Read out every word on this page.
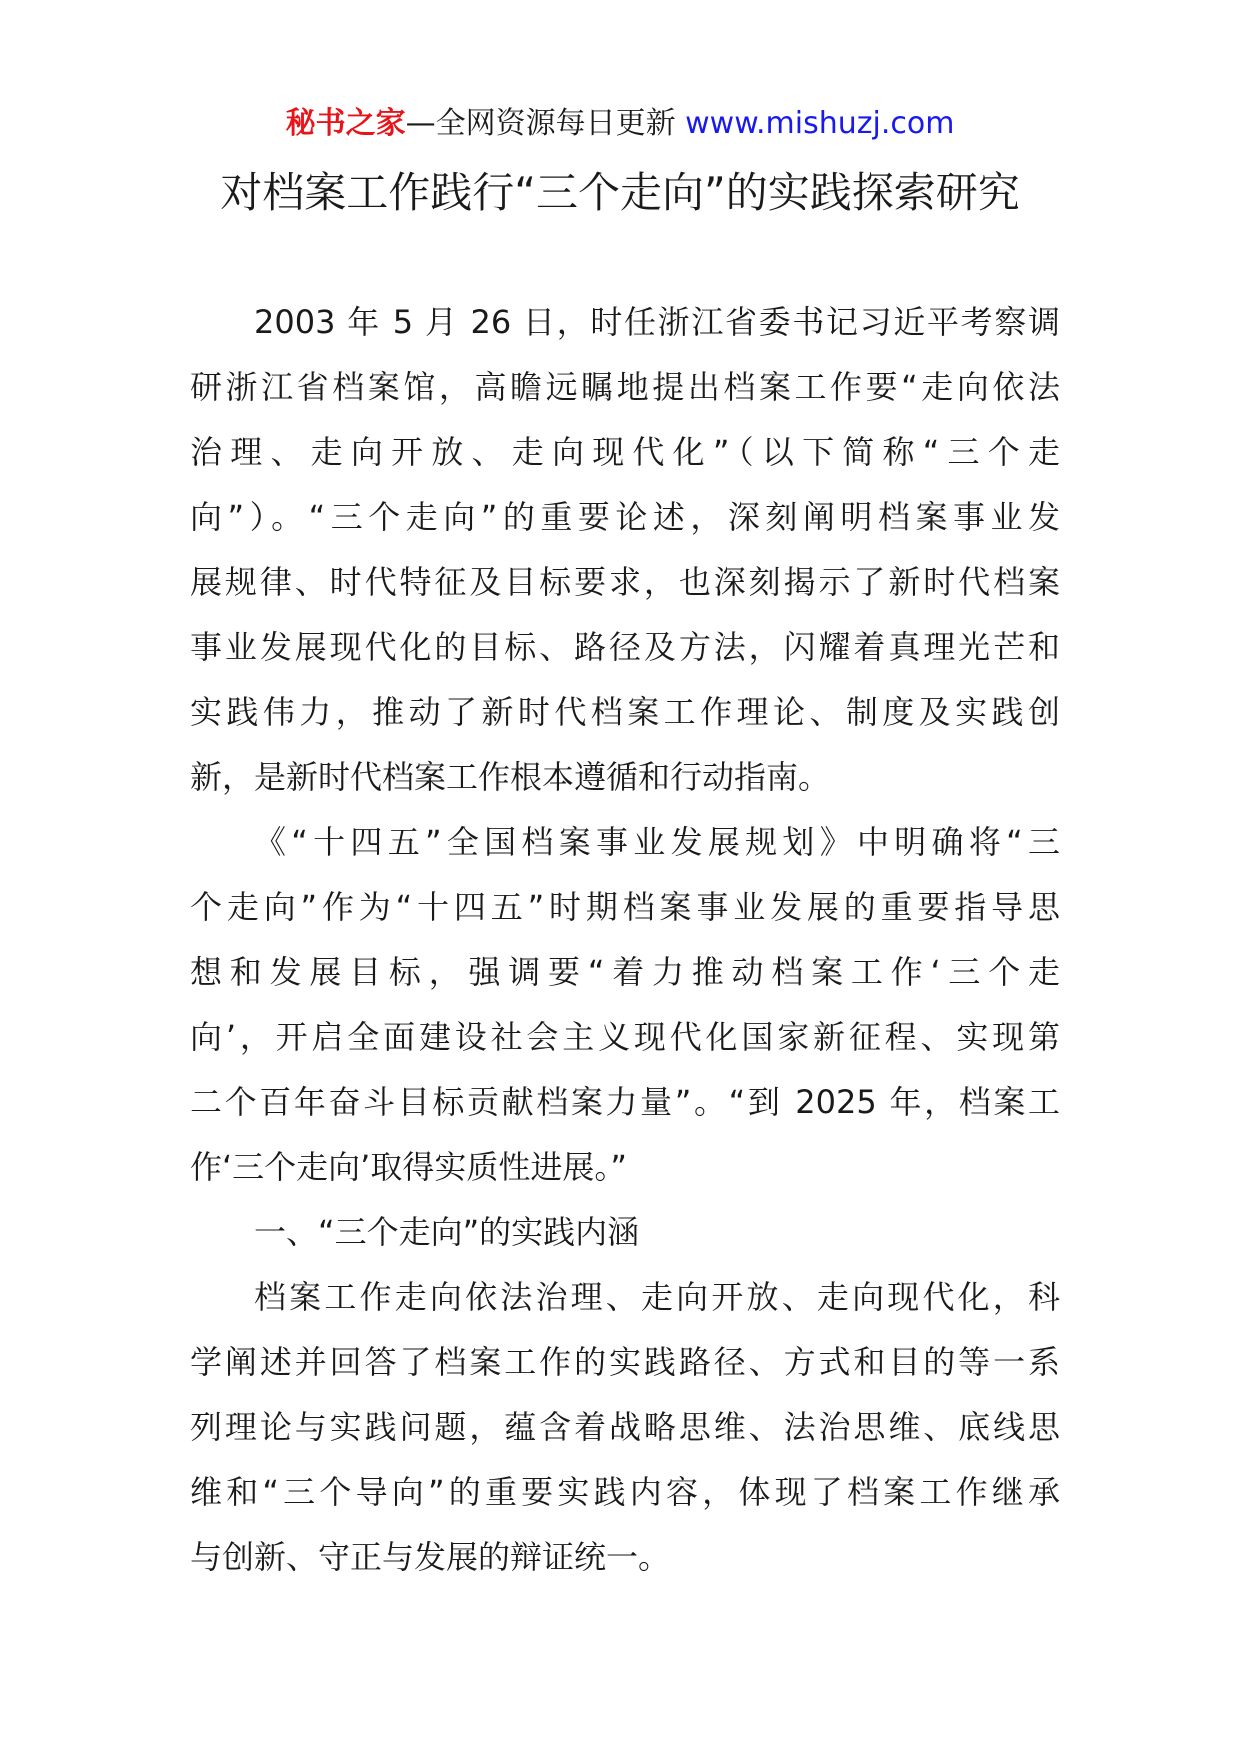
秘书之家—全网资源每日更新 www.mishuzj.com
对档案工作践行“三个走向”的实践探索研究
2003 年 5 月 26 日，时任浙江省委书记习近平考察调
研浙江省档案馆，高瞻远瞩地提出档案工作要“走向依法
治理、走向开放、走向现代化”（以下简称“三个走
向”）。“三个走向”的重要论述，深刻阐明档案事业发
展规律、时代特征及目标要求，也深刻揭示了新时代档案
事业发展现代化的目标、路径及方法，闪耀着真理光芒和
实践伟力，推动了新时代档案工作理论、制度及实践创
新，是新时代档案工作根本遵循和行动指南。
《“十四五”全国档案事业发展规划》中明确将“三
个走向”作为“十四五”时期档案事业发展的重要指导思
想和发展目标，强调要“着力推动档案工作‘三个走
向’，开启全面建设社会主义现代化国家新征程、实现第
二个百年奋斗目标贡献档案力量”。“到 2025 年，档案工
作‘三个走向’取得实质性进展。”
一、“三个走向”的实践内涵
档案工作走向依法治理、走向开放、走向现代化，科
学阐述并回答了档案工作的实践路径、方式和目的等一系
列理论与实践问题，蕴含着战略思维、法治思维、底线思
维和“三个导向”的重要实践内容，体现了档案工作继承
与创新、守正与发展的辩证统一。
